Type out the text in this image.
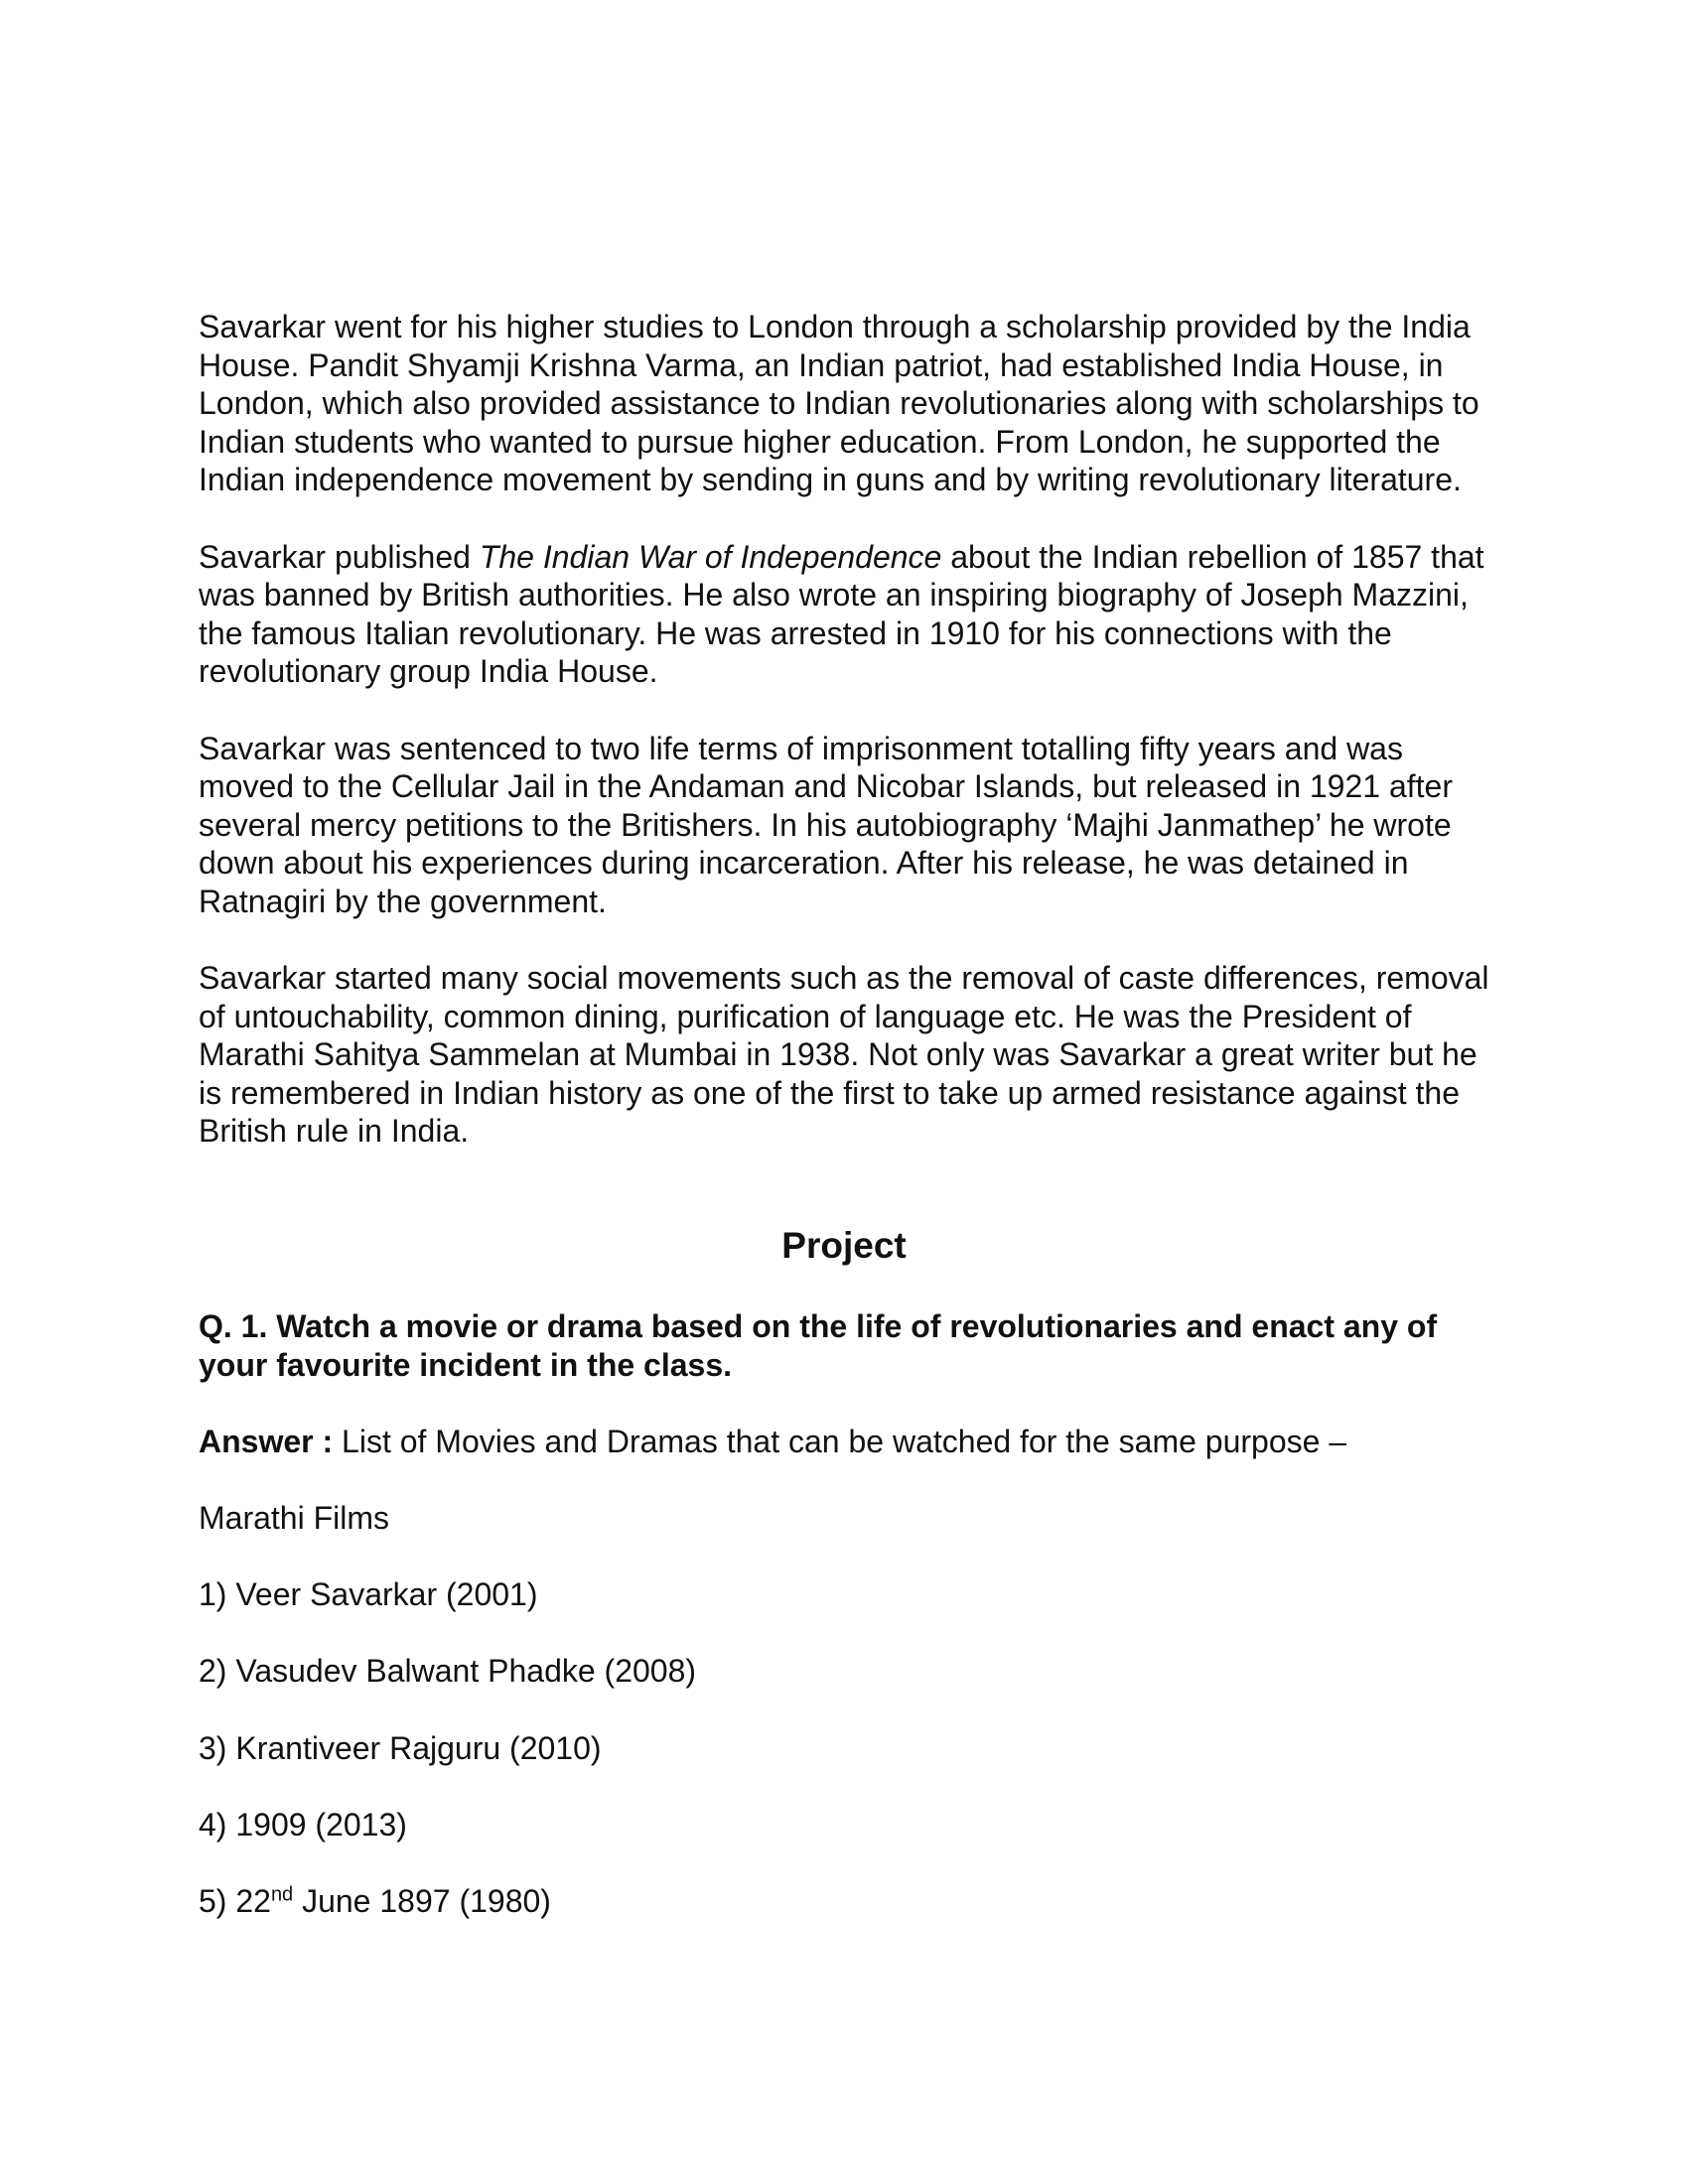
Savarkar went for his higher studies to London through a scholarship provided by the India House. Pandit Shyamji Krishna Varma, an Indian patriot, had established India House, in London, which also provided assistance to Indian revolutionaries along with scholarships to Indian students who wanted to pursue higher education. From London, he supported the Indian independence movement by sending in guns and by writing revolutionary literature.

Savarkar published The Indian War of Independence about the Indian rebellion of 1857 that was banned by British authorities. He also wrote an inspiring biography of Joseph Mazzini, the famous Italian revolutionary. He was arrested in 1910 for his connections with the revolutionary group India House.

Savarkar was sentenced to two life terms of imprisonment totalling fifty years and was moved to the Cellular Jail in the Andaman and Nicobar Islands, but released in 1921 after several mercy petitions to the Britishers. In his autobiography ‘Majhi Janmathep’ he wrote down about his experiences during incarceration. After his release, he was detained in Ratnagiri by the government.

Savarkar started many social movements such as the removal of caste differences, removal of untouchability, common dining, purification of language etc. He was the President of Marathi Sahitya Sammelan at Mumbai in 1938. Not only was Savarkar a great writer but he is remembered in Indian history as one of the first to take up armed resistance against the British rule in India.

Project

Q. 1. Watch a movie or drama based on the life of revolutionaries and enact any of your favourite incident in the class.

Answer : List of Movies and Dramas that can be watched for the same purpose –

Marathi Films

1) Veer Savarkar (2001)

2) Vasudev Balwant Phadke (2008)

3) Krantiveer Rajguru (2010)

4) 1909 (2013)

5) 22nd June 1897 (1980)
